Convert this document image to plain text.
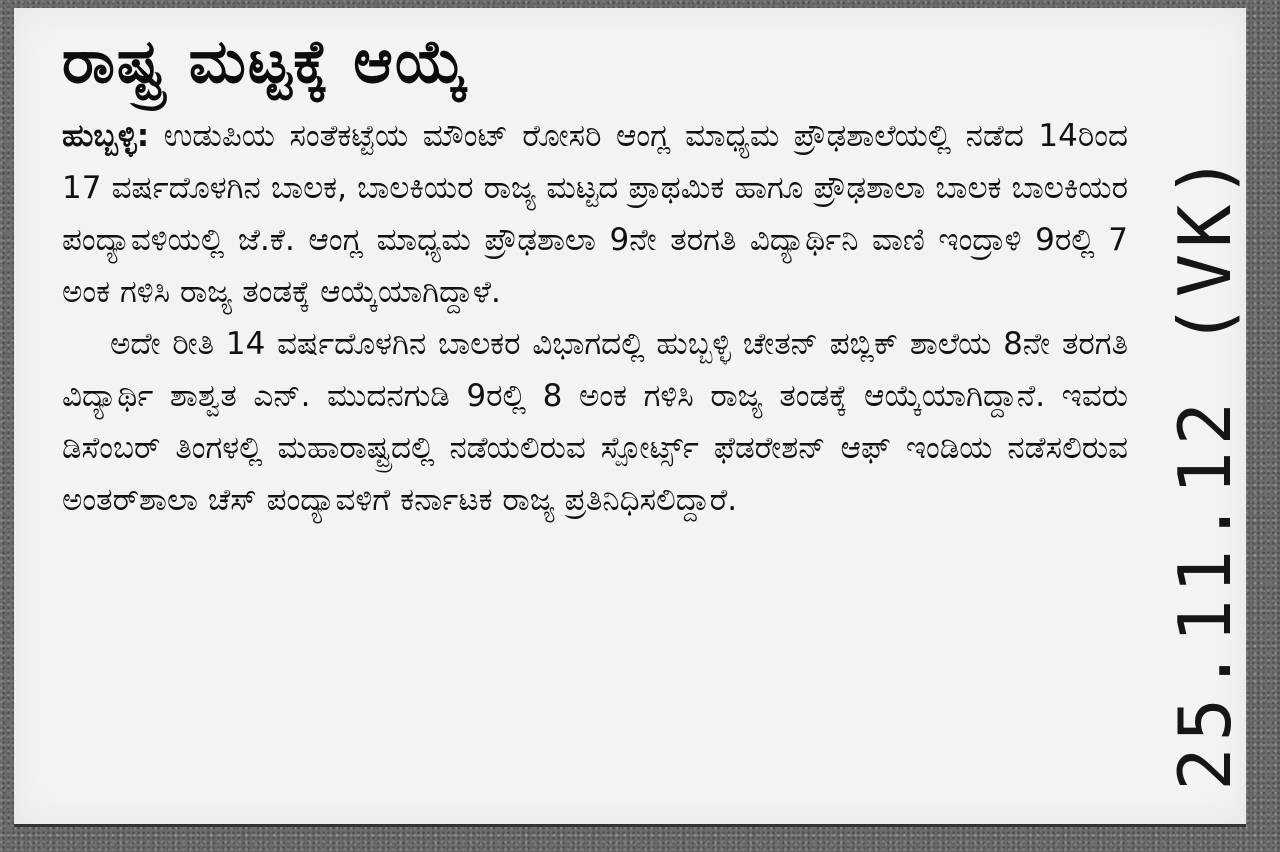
ರಾಷ್ಟ್ರ ಮಟ್ಟಕ್ಕೆ ಆಯ್ಕೆ

ಹುಬ್ಬಳ್ಳಿ: ಉಡುಪಿಯ ಸಂತೆಕಟ್ಟೆಯ ಮೌಂಟ್ ರೋಸರಿ ಆಂಗ್ಲ ಮಾಧ್ಯಮ ಪ್ರೌಢಶಾಲೆಯಲ್ಲಿ ನಡೆದ 14ರಿಂದ 17 ವರ್ಷದೊಳಗಿನ ಬಾಲಕ, ಬಾಲಕಿಯರ ರಾಜ್ಯ ಮಟ್ಟದ ಪ್ರಾಥಮಿಕ ಹಾಗೂ ಪ್ರೌಢಶಾಲಾ ಬಾಲಕ ಬಾಲಕಿಯರ ಪಂದ್ಯಾವಳಿಯಲ್ಲಿ ಜೆ.ಕೆ. ಆಂಗ್ಲ ಮಾಧ್ಯಮ ಪ್ರೌಢಶಾಲಾ 9ನೇ ತರಗತಿ ವಿದ್ಯಾರ್ಥಿನಿ ವಾಣಿ ಇಂದ್ರಾಳಿ 9ರಲ್ಲಿ 7 ಅಂಕ ಗಳಿಸಿ ರಾಜ್ಯ ತಂಡಕ್ಕೆ ಆಯ್ಕೆಯಾಗಿದ್ದಾಳೆ.

ಅದೇ ರೀತಿ 14 ವರ್ಷದೊಳಗಿನ ಬಾಲಕರ ವಿಭಾಗದಲ್ಲಿ ಹುಬ್ಬಳ್ಳಿ ಚೇತನ್ ಪಬ್ಲಿಕ್ ಶಾಲೆಯ 8ನೇ ತರಗತಿ ವಿದ್ಯಾರ್ಥಿ ಶಾಶ್ವತ ಎನ್. ಮುದನಗುಡಿ 9ರಲ್ಲಿ 8 ಅಂಕ ಗಳಿಸಿ ರಾಜ್ಯ ತಂಡಕ್ಕೆ ಆಯ್ಕೆಯಾಗಿದ್ದಾನೆ. ಇವರು ಡಿಸೆಂಬರ್ ತಿಂಗಳಲ್ಲಿ ಮಹಾರಾಷ್ಟ್ರದಲ್ಲಿ ನಡೆಯಲಿರುವ ಸ್ಪೋರ್ಟ್ಸ್ ಫೆಡರೇಶನ್ ಆಫ್ ಇಂಡಿಯ ನಡೆಸಲಿರುವ ಅಂತರ್‌ಶಾಲಾ ಚೆಸ್ ಪಂದ್ಯಾವಳಿಗೆ ಕರ್ನಾಟಕ ರಾಜ್ಯ ಪ್ರತಿನಿಧಿಸಲಿದ್ದಾರೆ.	25.11.12 (VK)
